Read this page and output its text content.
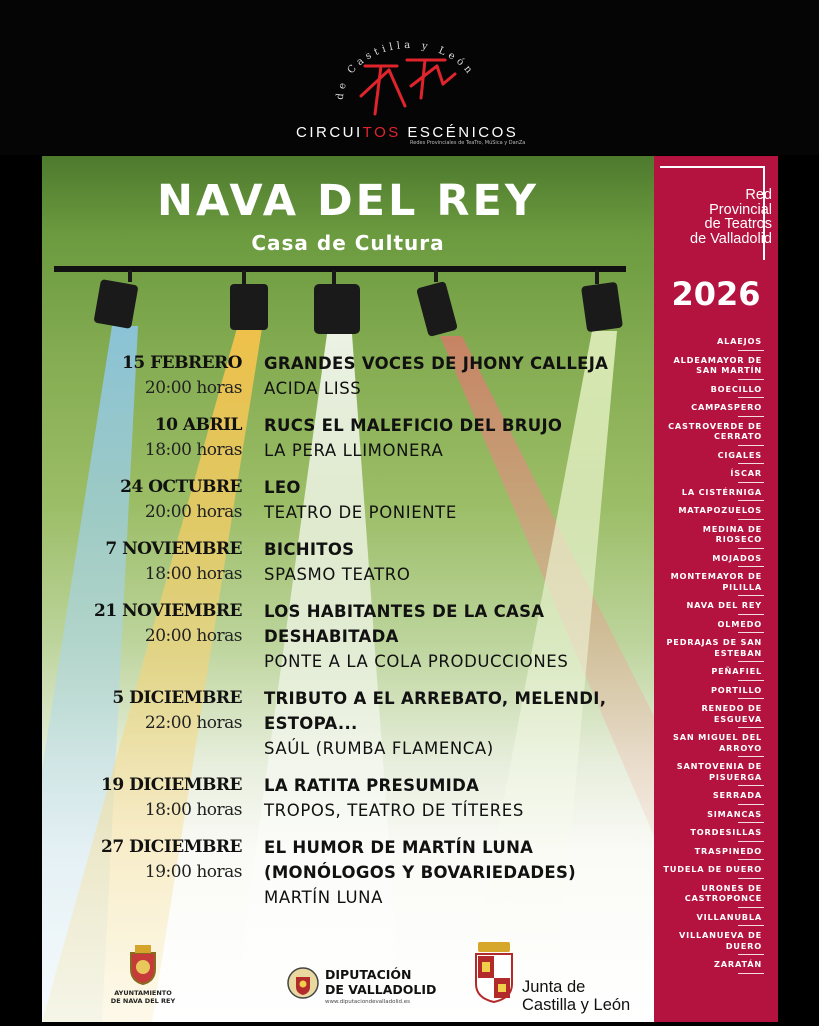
de Castilla y León
CIRCUITOS ESCÉNICOS
Redes Provinciales de TeaTro, MúSica y DanZa
NAVA DEL REY
Casa de Cultura
15 FEBRERO
20:00 horas
GRANDES VOCES DE JHONY CALLEJA
ACIDA LISS
10 ABRIL
18:00 horas
RUCS EL MALEFICIO DEL BRUJO
LA PERA LLIMONERA
24 OCTUBRE
20:00 horas
LEO
TEATRO DE PONIENTE
7 NOVIEMBRE
18:00 horas
BICHITOS
SPASMO TEATRO
21 NOVIEMBRE
20:00 horas
LOS HABITANTES DE LA CASA DESHABITADA
PONTE A LA COLA PRODUCCIONES
5 DICIEMBRE
22:00 horas
TRIBUTO A EL ARREBATO, MELENDI, ESTOPA...
SAÚL (RUMBA FLAMENCA)
19 DICIEMBRE
18:00 horas
LA RATITA PRESUMIDA
TROPOS, TEATRO DE TÍTERES
27 DICIEMBRE
19:00 horas
EL HUMOR DE MARTÍN LUNA (MONÓLOGOS Y BOVARIEDADES)
MARTÍN LUNA
AYUNTAMIENTO
DE NAVA DEL REY
DIPUTACIÓN
DE VALLADOLID
www.diputaciondevalladolid.es
Junta de
Castilla y León
Red
Provincial
de Teatros
de Valladolid
2026
ALAEJOS
ALDEAMAYOR DE SAN MARTÍN
BOECILLO
CAMPASPERO
CASTROVERDE DE CERRATO
CIGALES
ÍSCAR
LA CISTÉRNIGA
MATAPOZUELOS
MEDINA DE RIOSECO
MOJADOS
MONTEMAYOR DE PILILLA
NAVA DEL REY
OLMEDO
PEDRAJAS DE SAN ESTEBAN
PEÑAFIEL
PORTILLO
RENEDO DE ESGUEVA
SAN MIGUEL DEL ARROYO
SANTOVENIA DE PISUERGA
SERRADA
SIMANCAS
TORDESILLAS
TRASPINEDO
TUDELA DE DUERO
URONES DE CASTROPONCE
VILLANUBLA
VILLANUEVA DE DUERO
ZARATÁN
